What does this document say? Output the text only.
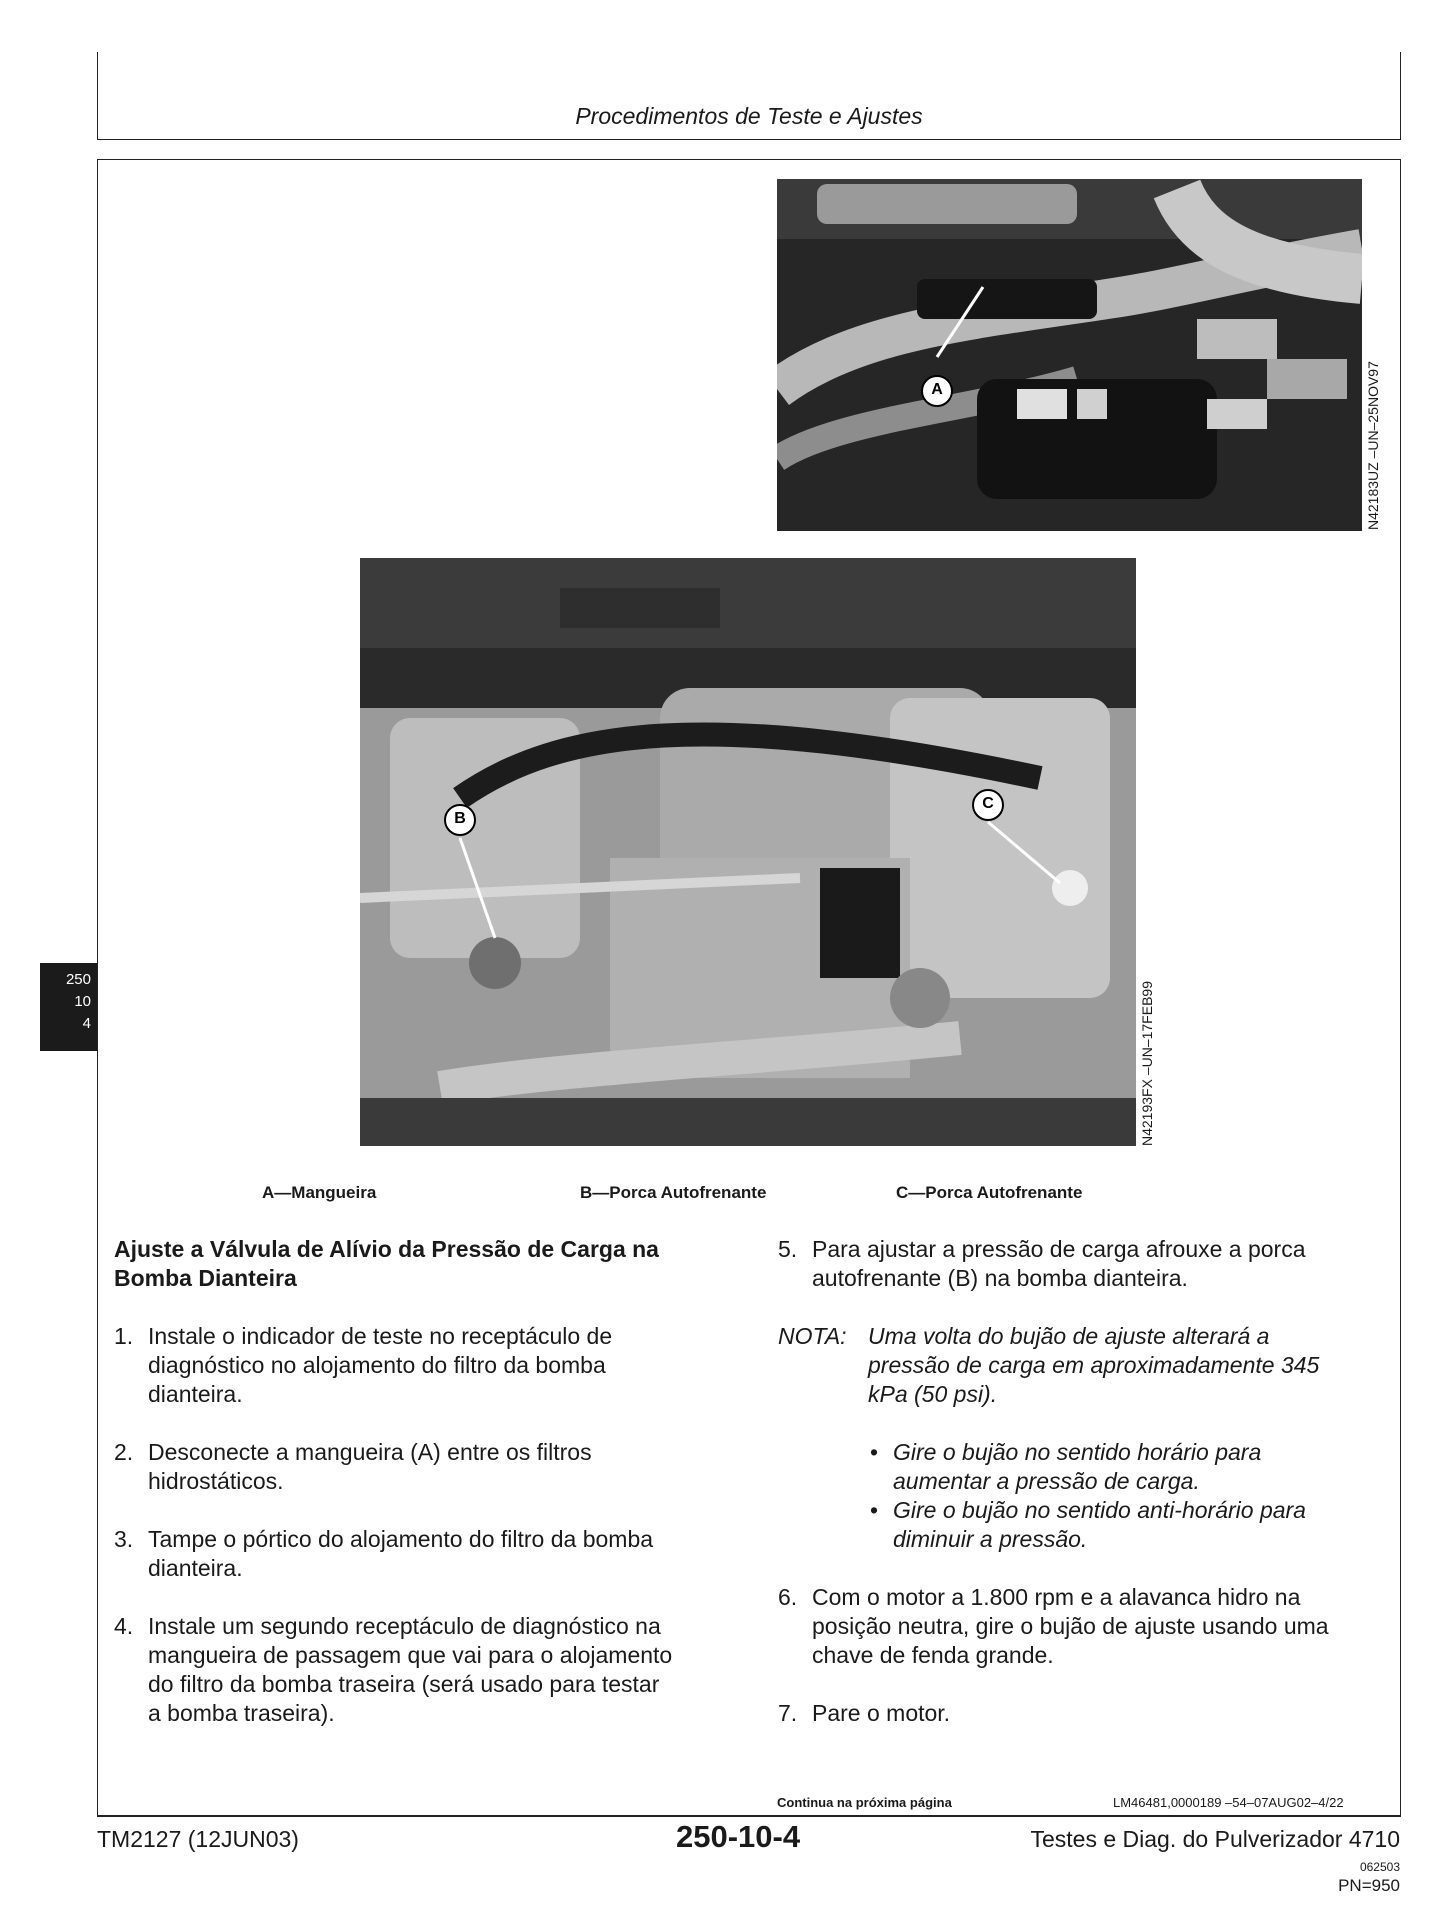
Procedimentos de Teste e Ajustes
A	N42183UZ –UN–25NOV97
B
C
N42193FX –UN–17FEB99
250
10
4
A—Mangueira	B—Porca Autofrenante	C—Porca Autofrenante
Ajuste a Válvula de Alívio da Pressão de Carga na
Bomba Dianteira
1. Instale o indicador de teste no receptáculo de
diagnóstico no alojamento do filtro da bomba
dianteira.
2. Desconecte a mangueira (A) entre os filtros
hidrostáticos.
3. Tampe o pórtico do alojamento do filtro da bomba
dianteira.
4. Instale um segundo receptáculo de diagnóstico na
mangueira de passagem que vai para o alojamento
do filtro da bomba traseira (será usado para testar
a bomba traseira).
5. Para ajustar a pressão de carga afrouxe a porca
autofrenante (B) na bomba dianteira.
NOTA: Uma volta do bujão de ajuste alterará a
pressão de carga em aproximadamente 345
kPa (50 psi).
• Gire o bujão no sentido horário para
aumentar a pressão de carga.
• Gire o bujão no sentido anti-horário para
diminuir a pressão.
6. Com o motor a 1.800 rpm e a alavanca hidro na
posição neutra, gire o bujão de ajuste usando uma
chave de fenda grande.
7. Pare o motor.
Continua na próxima página	LM46481,0000189 –54–07AUG02–4/22
TM2127 (12JUN03)	250-10-4	Testes e Diag. do Pulverizador 4710
062503
PN=950
